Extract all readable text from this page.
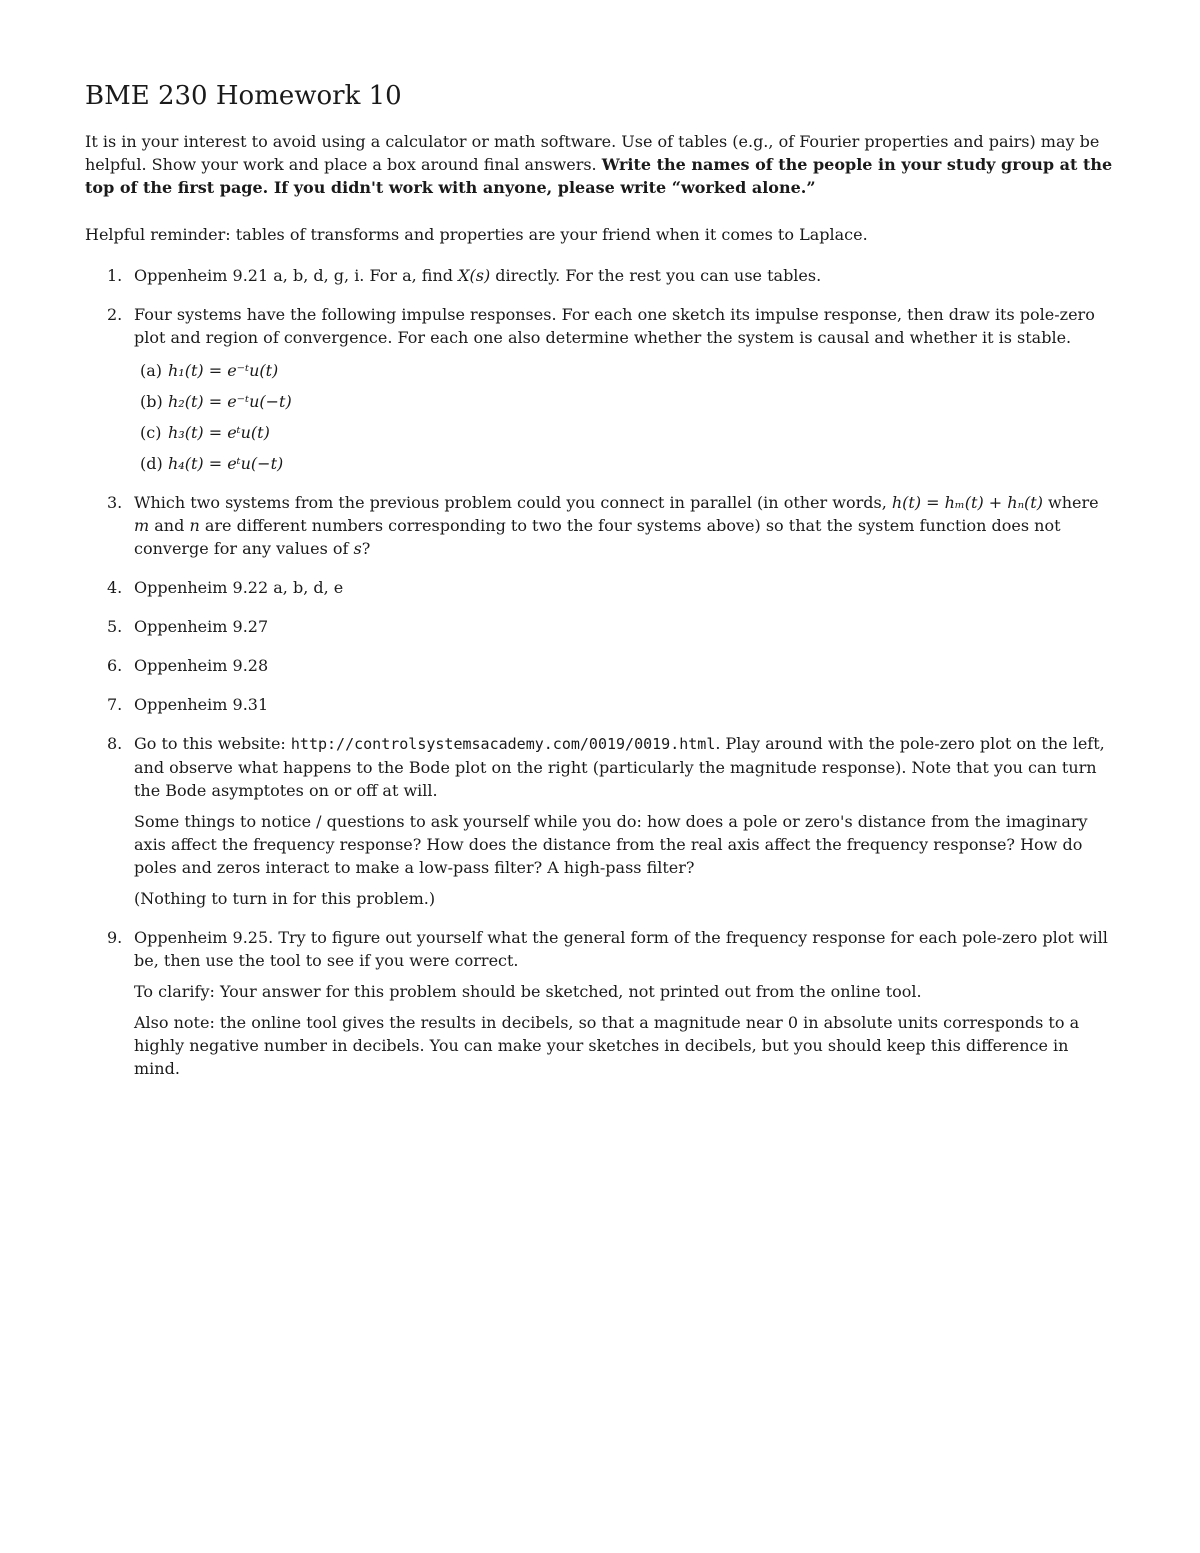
BME 230 Homework 10

It is in your interest to avoid using a calculator or math software. Use of tables (e.g., of Fourier properties and pairs) may be helpful. Show your work and place a box around final answers. Write the names of the people in your study group at the top of the first page. If you didn't work with anyone, please write “worked alone.”

Helpful reminder: tables of transforms and properties are your friend when it comes to Laplace.

1. Oppenheim 9.21 a, b, d, g, i. For a, find X(s) directly. For the rest you can use tables.
2. Four systems have the following impulse responses. For each one sketch its impulse response, then draw its pole-zero plot and region of convergence. For each one also determine whether the system is causal and whether it is stable.
(a) h₁(t) = e⁻ᵗu(t)
(b) h₂(t) = e⁻ᵗu(−t)
(c) h₃(t) = eᵗu(t)
(d) h₄(t) = eᵗu(−t)
3. Which two systems from the previous problem could you connect in parallel (in other words, h(t) = hₘ(t) + hₙ(t) where m and n are different numbers corresponding to two the four systems above) so that the system function does not converge for any values of s?
4. Oppenheim 9.22 a, b, d, e
5. Oppenheim 9.27
6. Oppenheim 9.28
7. Oppenheim 9.31
8. Go to this website: http://controlsystemsacademy.com/0019/0019.html. Play around with the pole-zero plot on the left, and observe what happens to the Bode plot on the right (particularly the magnitude response). Note that you can turn the Bode asymptotes on or off at will.

Some things to notice / questions to ask yourself while you do: how does a pole or zero's distance from the imaginary axis affect the frequency response? How does the distance from the real axis affect the frequency response? How do poles and zeros interact to make a low-pass filter? A high-pass filter?

(Nothing to turn in for this problem.)

9. Oppenheim 9.25. Try to figure out yourself what the general form of the frequency response for each pole-zero plot will be, then use the tool to see if you were correct.

To clarify: Your answer for this problem should be sketched, not printed out from the online tool.

Also note: the online tool gives the results in decibels, so that a magnitude near 0 in absolute units corresponds to a highly negative number in decibels. You can make your sketches in decibels, but you should keep this difference in mind.
